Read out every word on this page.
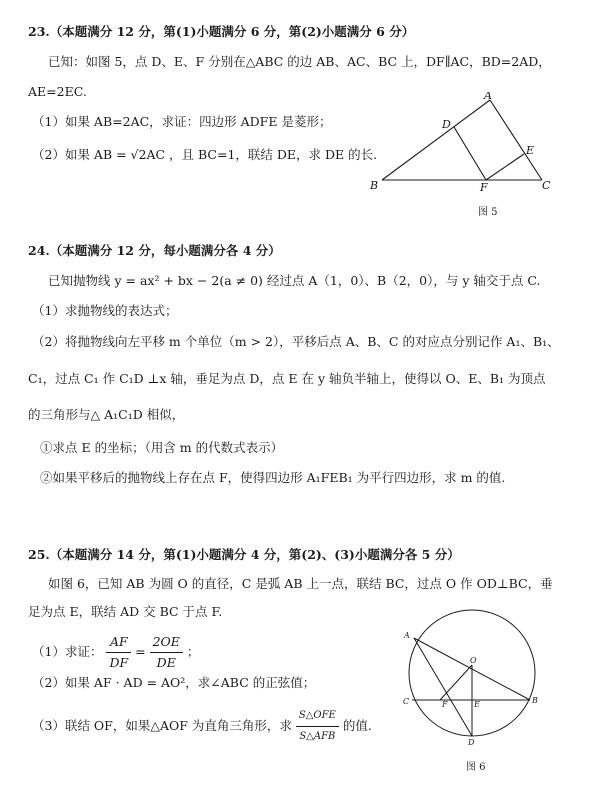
23.（本题满分 12 分，第(1)小题满分 6 分，第(2)小题满分 6 分）
已知：如图 5，点 D、E、F 分别在△ABC 的边 AB、AC、BC 上，DF∥AC，BD=2AD，
AE=2EC.
（1）如果 AB=2AC，求证：四边形 ADFE 是菱形；
（2）如果 AB = √2AC ，且 BC=1，联结 DE，求 DE 的长.
A
B	C
D
E
F
图 5
24.（本题满分 12 分，每小题满分各 4 分）
已知抛物线 y = ax² + bx − 2(a ≠ 0) 经过点 A（1，0）、B（2，0），与 y 轴交于点 C.
（1）求抛物线的表达式；
（2）将抛物线向左平移 m 个单位（m > 2），平移后点 A、B、C 的对应点分别记作 A₁、B₁、
C₁，过点 C₁ 作 C₁D ⊥x 轴，垂足为点 D，点 E 在 y 轴负半轴上，使得以 O、E、B₁ 为顶点
的三角形与△ A₁C₁D 相似，
①求点 E 的坐标；（用含 m 的代数式表示）
②如果平移后的抛物线上存在点 F，使得四边形 A₁FEB₁ 为平行四边形，求 m 的值.
25.（本题满分 14 分，第(1)小题满分 4 分，第(2)、(3)小题满分各 5 分）
如图 6，已知 AB 为圆 O 的直径，C 是弧 AB 上一点，联结 BC，过点 O 作 OD⊥BC，垂
足为点 E，联结 AD 交 BC 于点 F.
（1）求证： $\frac{AF}{DF} = \frac{2OE}{DE}$ ；
（2）如果 AF · AD = AO²，求∠ABC 的正弦值；
（3）联结 OF，如果△AOF 为直角三角形，求 $\frac{\text{S△OFE}}{\text{S△AFB}}$ 的值.
A
B
C
D
E
F
O
图 6
